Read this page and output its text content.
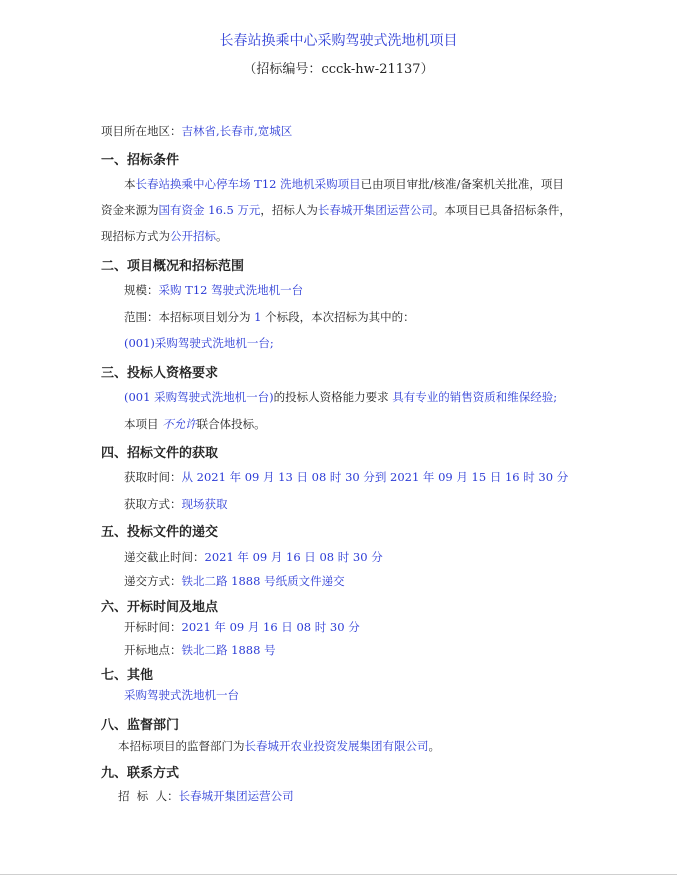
长春站换乘中心采购驾驶式洗地机项目
（招标编号：ccck-hw-21137）
项目所在地区：吉林省,长春市,宽城区
一、招标条件
本长春站换乘中心停车场 T12 洗地机采购项目已由项目审批/核准/备案机关批准，项目
资金来源为国有资金 16.5 万元，招标人为长春城开集团运营公司。本项目已具备招标条件，
现招标方式为公开招标。
二、项目概况和招标范围
规模：采购 T12 驾驶式洗地机一台
范围：本招标项目划分为 1 个标段，本次招标为其中的：
(001)采购驾驶式洗地机一台;
三、投标人资格要求
(001 采购驾驶式洗地机一台)的投标人资格能力要求 具有专业的销售资质和维保经验;
本项目 不允许联合体投标。
四、招标文件的获取
获取时间：从 2021 年 09 月 13 日 08 时 30 分到 2021 年 09 月 15 日 16 时 30 分
获取方式：现场获取
五、投标文件的递交
递交截止时间：2021 年 09 月 16 日 08 时 30 分
递交方式：铁北二路 1888 号纸质文件递交
六、开标时间及地点
开标时间：2021 年 09 月 16 日 08 时 30 分
开标地点：铁北二路 1888 号
七、其他
采购驾驶式洗地机一台
八、监督部门
本招标项目的监督部门为长春城开农业投资发展集团有限公司。
九、联系方式
招  标  人：长春城开集团运营公司
